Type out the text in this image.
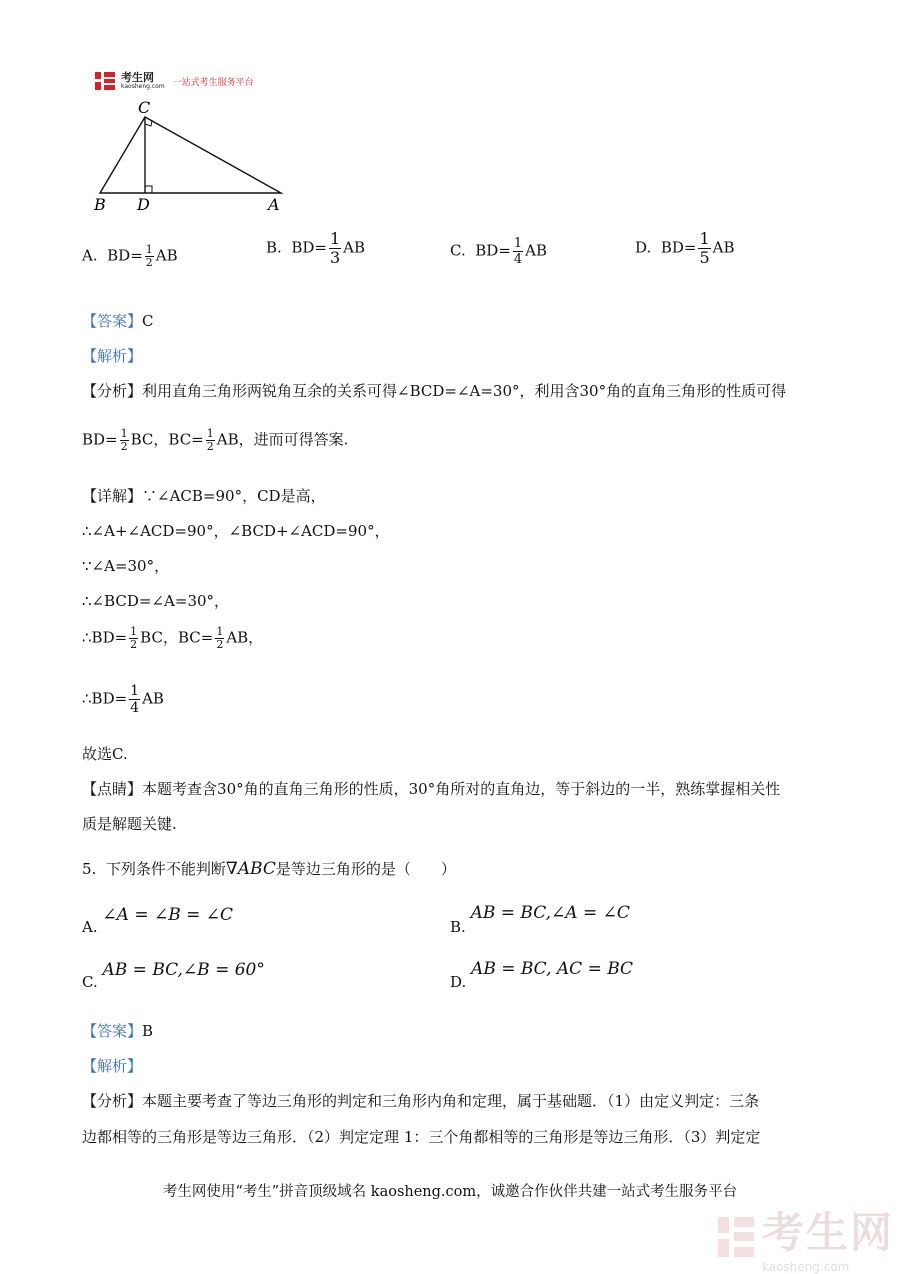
考生网
kaosheng.com 一站式考生服务平台
C
B D	A
A. $BD= \frac{1}{2}$ AB	B. $BD= \frac{1}{3}$ AB	C. $BD= \frac{1}{4}$ AB	D. $BD= \frac{1}{5}$ AB
【答案】C
【解析】
【分析】利用直角三角形两锐角互余的关系可得∠BCD=∠A=30°，利用含30°角的直角三角形的性质可得
$BD= \frac{1}{2}$ BC，$BC= \frac{1}{2}$ AB，进而可得答案.
【详解】∵∠ACB=90°，CD是高，
∴∠A+∠ACD=90°，∠BCD+∠ACD=90°，
∵∠A=30°，
∴∠BCD=∠A=30°，
∴BD= $\frac{1}{2}$ BC，$BC= \frac{1}{2}$ AB，
∴BD= $\frac{1}{4}$ AB
故选C.
【点睛】本题考查含30°角的直角三角形的性质，30°角所对的直角边，等于斜边的一半，熟练掌握相关性
质是解题关键.
5. 下列条件不能判断∇ABC是等边三角形的是（　　）
A. ∠A = ∠B = ∠C
B. AB = BC,∠A = ∠C
C. AB = BC,∠B = 60°
D. AB = BC, AC = BC
【答案】B
【解析】
【分析】本题主要考查了等边三角形的判定和三角形内角和定理，属于基础题．（1）由定义判定：三条
边都相等的三角形是等边三角形．（2）判定定理 1：三个角都相等的三角形是等边三角形．（3）判定定
考生网使用“考生”拼音顶级域名 kaosheng.com，诚邀合作伙伴共建一站式考生服务平台
考生网
kaosheng.com
